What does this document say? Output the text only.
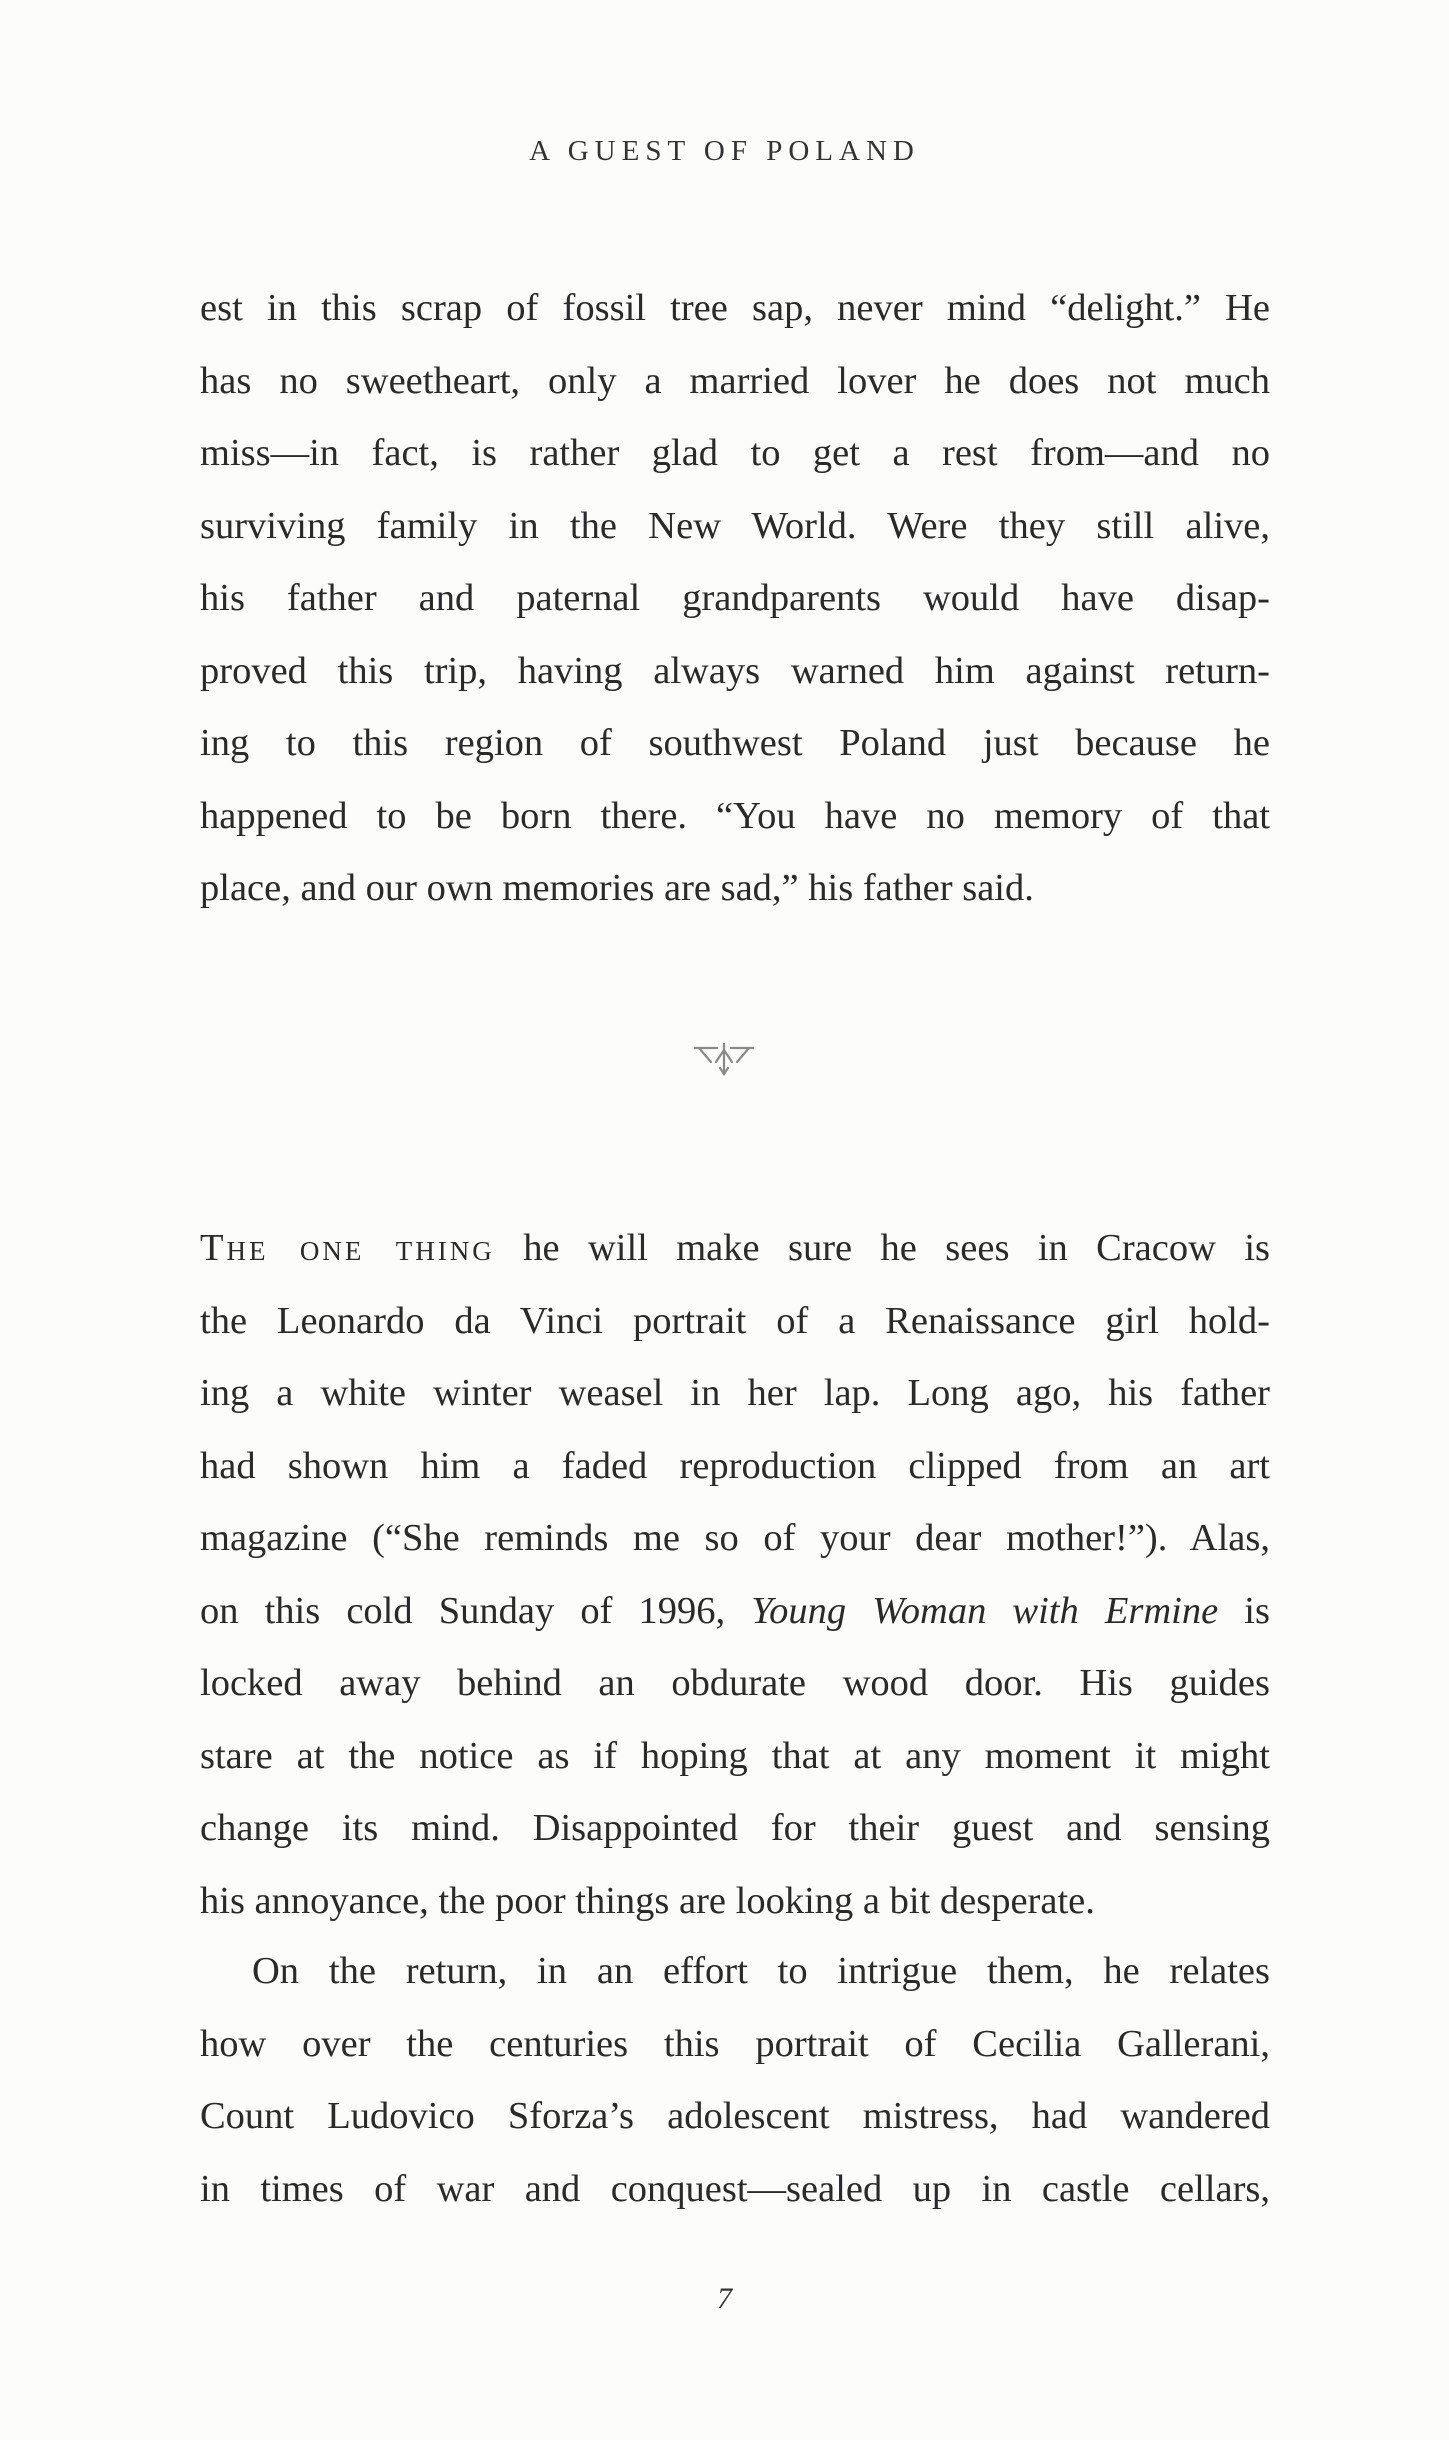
A GUEST OF POLAND
est in this scrap of fossil tree sap, never mind “delight.” He
has no sweetheart, only a married lover he does not much
miss—in fact, is rather glad to get a rest from—and no
surviving family in the New World. Were they still alive,
his father and paternal grandparents would have disap-
proved this trip, having always warned him against return-
ing to this region of southwest Poland just because he
happened to be born there. “You have no memory of that
place, and our own memories are sad,” his father said.
The one thing he will make sure he sees in Cracow is
the Leonardo da Vinci portrait of a Renaissance girl hold-
ing a white winter weasel in her lap. Long ago, his father
had shown him a faded reproduction clipped from an art
magazine (“She reminds me so of your dear mother!”). Alas,
on this cold Sunday of 1996, Young Woman with Ermine is
locked away behind an obdurate wood door. His guides
stare at the notice as if hoping that at any moment it might
change its mind. Disappointed for their guest and sensing
his annoyance, the poor things are looking a bit desperate.
On the return, in an effort to intrigue them, he relates
how over the centuries this portrait of Cecilia Gallerani,
Count Ludovico Sforza’s adolescent mistress, had wandered
in times of war and conquest—sealed up in castle cellars,
7
